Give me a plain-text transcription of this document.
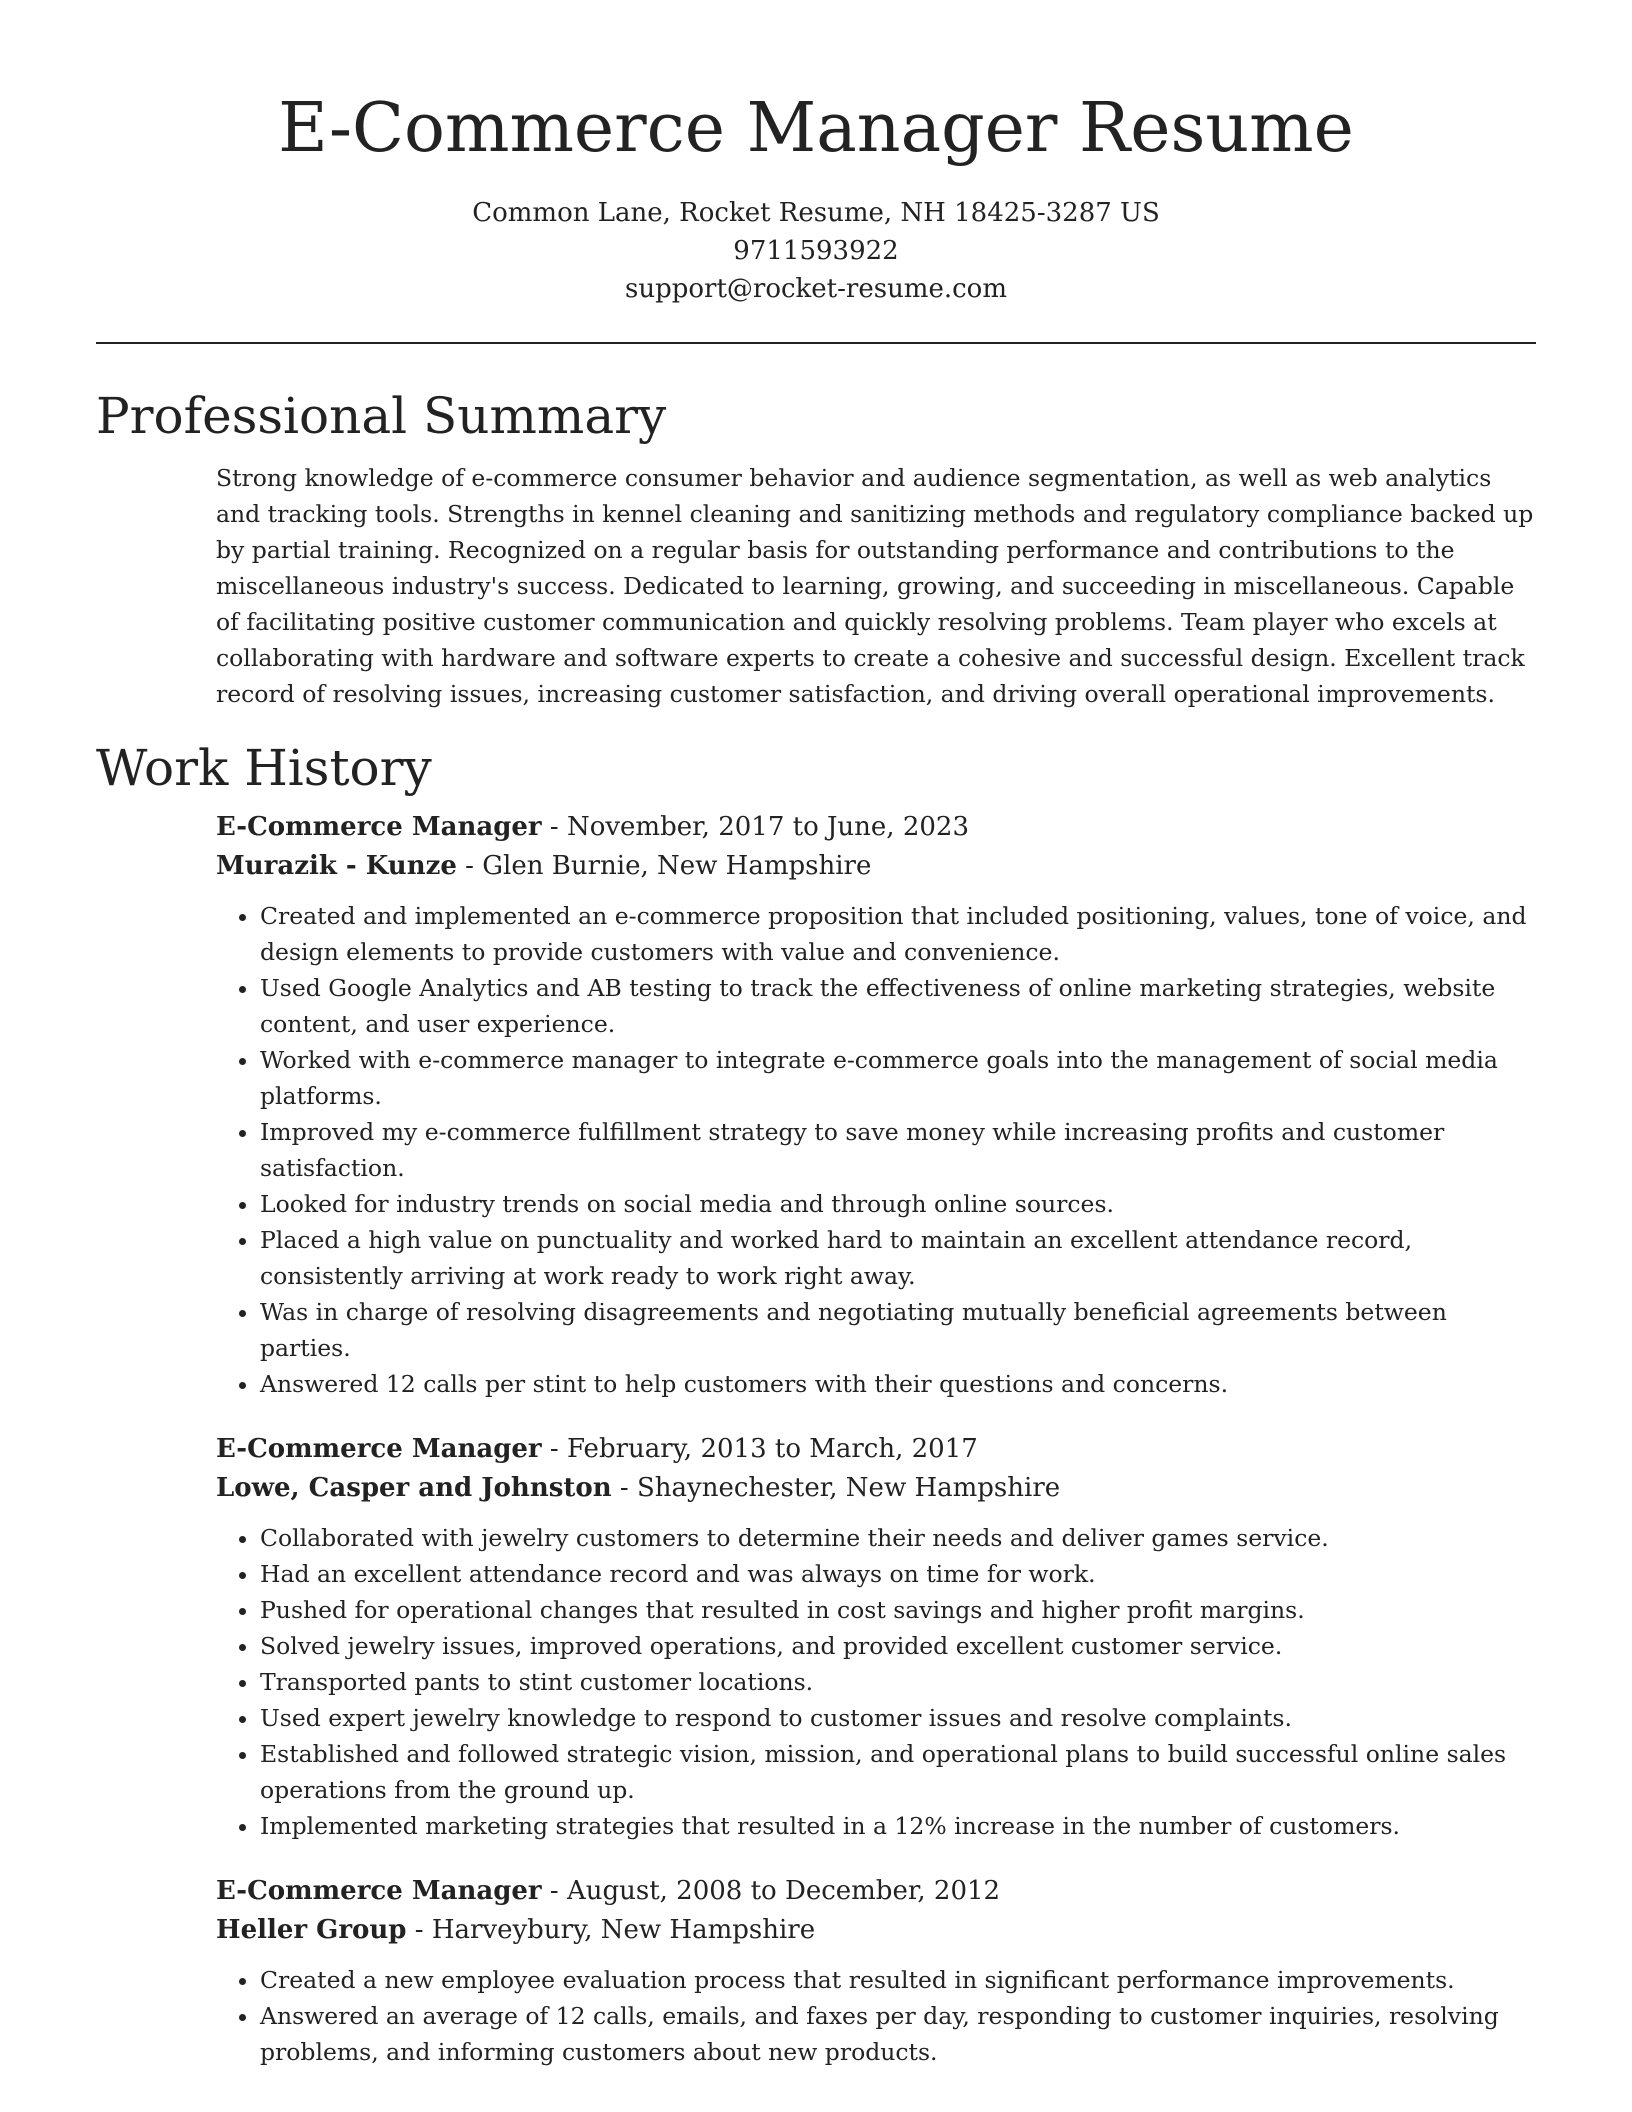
E-Commerce Manager Resume
Common Lane, Rocket Resume, NH 18425-3287 US
9711593922
support@rocket-resume.com
Professional Summary

Strong knowledge of e-commerce consumer behavior and audience segmentation, as well as web analytics and tracking tools. Strengths in kennel cleaning and sanitizing methods and regulatory compliance backed up by partial training. Recognized on a regular basis for outstanding performance and contributions to the miscellaneous industry's success. Dedicated to learning, growing, and succeeding in miscellaneous. Capable of facilitating positive customer communication and quickly resolving problems. Team player who excels at collaborating with hardware and software experts to create a cohesive and successful design. Excellent track record of resolving issues, increasing customer satisfaction, and driving overall operational improvements.

Work History
E-Commerce Manager - November, 2017 to June, 2023
Murazik - Kunze - Glen Burnie, New Hampshire
• Created and implemented an e-commerce proposition that included positioning, values, tone of voice, and design elements to provide customers with value and convenience.
• Used Google Analytics and AB testing to track the effectiveness of online marketing strategies, website content, and user experience.
• Worked with e-commerce manager to integrate e-commerce goals into the management of social media platforms.
• Improved my e-commerce fulfillment strategy to save money while increasing profits and customer satisfaction.
• Looked for industry trends on social media and through online sources.
• Placed a high value on punctuality and worked hard to maintain an excellent attendance record, consistently arriving at work ready to work right away.
• Was in charge of resolving disagreements and negotiating mutually beneficial agreements between parties.
• Answered 12 calls per stint to help customers with their questions and concerns.
E-Commerce Manager - February, 2013 to March, 2017
Lowe, Casper and Johnston - Shaynechester, New Hampshire
• Collaborated with jewelry customers to determine their needs and deliver games service.
• Had an excellent attendance record and was always on time for work.
• Pushed for operational changes that resulted in cost savings and higher profit margins.
• Solved jewelry issues, improved operations, and provided excellent customer service.
• Transported pants to stint customer locations.
• Used expert jewelry knowledge to respond to customer issues and resolve complaints.
• Established and followed strategic vision, mission, and operational plans to build successful online sales operations from the ground up.
• Implemented marketing strategies that resulted in a 12% increase in the number of customers.
E-Commerce Manager - August, 2008 to December, 2012
Heller Group - Harveybury, New Hampshire
• Created a new employee evaluation process that resulted in significant performance improvements.
• Answered an average of 12 calls, emails, and faxes per day, responding to customer inquiries, resolving problems, and informing customers about new products.
